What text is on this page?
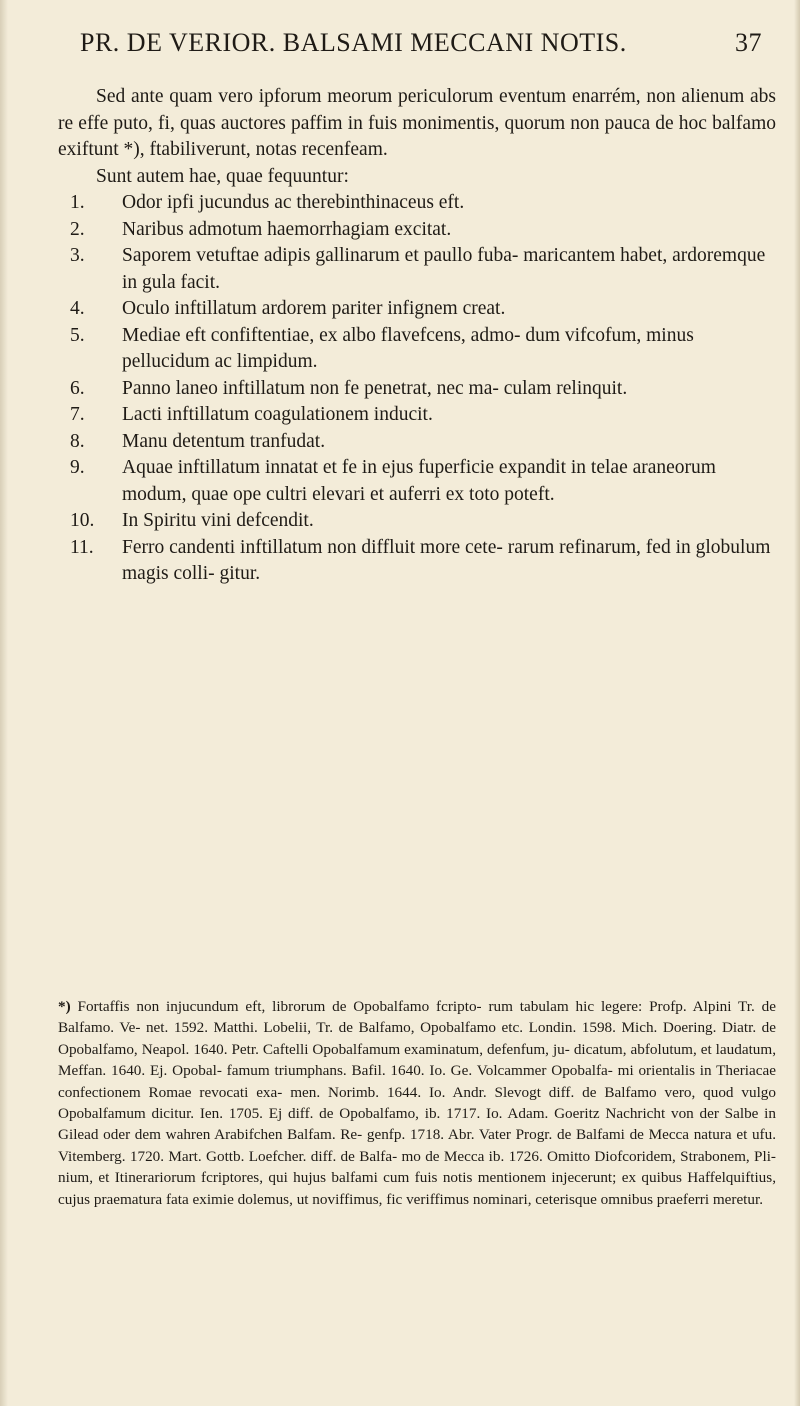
PR. DE VERIOR. BALSAMI MECCANI NOTIS.	37

Sed ante quam vero ipforum meorum periculorum eventum enarrém, non alienum abs re effe puto, fi, quas auctores paffim in fuis monimentis, quorum non pauca de hoc balfamo exiftunt *), ftabiliverunt, notas recenfeam.

Sunt autem hae, quae fequuntur:

1.	Odor ipfi jucundus ac therebinthinaceus eft.
2.	Naribus admotum haemorrhagiam excitat.
3.	Saporem vetuftae adipis gallinarum et paullo fuba- maricantem habet, ardoremque in gula facit.
4.	Oculo inftillatum ardorem pariter infignem creat.
5.	Mediae eft confiftentiae, ex albo flavefcens, admo- dum vifcofum, minus pellucidum ac limpidum.
6.	Panno laneo inftillatum non fe penetrat, nec ma- culam relinquit.
7.	Lacti inftillatum coagulationem inducit.
8.	Manu detentum tranfudat.
9.	Aquae inftillatum innatat et fe in ejus fuperficie expandit in telae araneorum modum, quae ope cultri elevari et auferri ex toto poteft.
10.	In Spiritu vini defcendit.
11.	Ferro candenti inftillatum non diffluit more cete- rarum refinarum, fed in globulum magis colli- gitur.
*) Fortaffis non injucundum eft, librorum de Opobalfamo fcripto- rum tabulam hic legere: Profp. Alpini Tr. de Balfamo. Ve- net. 1592. Matthi. Lobelii, Tr. de Balfamo, Opobalfamo etc. Londin. 1598. Mich. Doering. Diatr. de Opobalfamo, Neapol. 1640. Petr. Caftelli Opobalfamum examinatum, defenfum, ju- dicatum, abfolutum, et laudatum, Meffan. 1640. Ej. Opobal- famum triumphans. Bafil. 1640. Io. Ge. Volcammer Opobalfa- mi orientalis in Theriacae confectionem Romae revocati exa- men. Norimb. 1644. Io. Andr. Slevogt diff. de Balfamo vero, quod vulgo Opobalfamum dicitur. Ien. 1705. Ej diff. de Opobalfamo, ib. 1717. Io. Adam. Goeritz Nachricht von der Salbe in Gilead oder dem wahren Arabifchen Balfam. Re- genfp. 1718. Abr. Vater Progr. de Balfami de Mecca natura et ufu. Vitemberg. 1720. Mart. Gottb. Loefcher. diff. de Balfa- mo de Mecca ib. 1726. Omitto Diofcoridem, Strabonem, Pli- nium, et Itinerariorum fcriptores, qui hujus balfami cum fuis notis mentionem injecerunt; ex quibus Haffelquiftius, cujus praematura fata eximie dolemus, ut noviffimus, fic veriffimus nominari, ceterisque omnibus praeferri meretur.
